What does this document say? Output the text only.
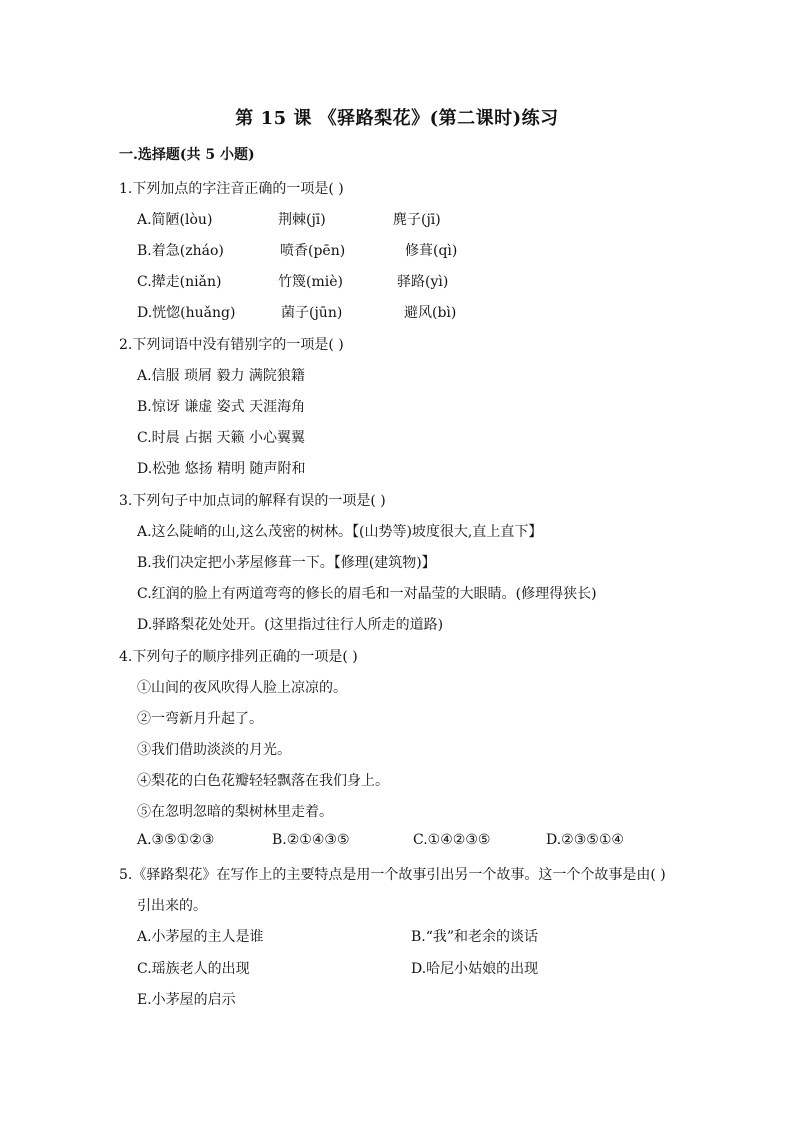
第 15 课 《驿路梨花》(第二课时)练习
一.选择题(共 5 小题)
1.下列加点的字注音正确的一项是( )
A.简陋(lòu)	荆棘(jī)	麂子(jī)
B.着急(zháo)	喷香(pēn)	修葺(qì)
C.撵走(niǎn)	竹篾(miè)	驿路(yì)
D.恍惚(huǎng)	菌子(jūn)	避风(bì)
2.下列词语中没有错别字的一项是( )
A.信服 琐屑 毅力 满院狼籍
B.惊讶 谦虚 姿式 天涯海角
C.时晨 占据 天籁 小心翼翼
D.松弛 悠扬 精明 随声附和
3.下列句子中加点词的解释有误的一项是( )
A.这么陡峭的山,这么茂密的树林。【(山势等)坡度很大,直上直下】
B.我们决定把小茅屋修葺一下。【修理(建筑物)】
C.红润的脸上有两道弯弯的修长的眉毛和一对晶莹的大眼睛。(修理得狭长)
D.驿路梨花处处开。(这里指过往行人所走的道路)
4.下列句子的顺序排列正确的一项是( )
①山间的夜风吹得人脸上凉凉的。
②一弯新月升起了。
③我们借助淡淡的月光。
④梨花的白色花瓣轻轻飘落在我们身上。
⑤在忽明忽暗的梨树林里走着。
A.③⑤①②③	B.②①④③⑤	C.①④②③⑤	D.②③⑤①④
5.《驿路梨花》在写作上的主要特点是用一个故事引出另一个故事。这一个个故事是由( )
引出来的。
A.小茅屋的主人是谁	B.“我”和老余的谈话
C.瑶族老人的出现	D.哈尼小姑娘的出现
E.小茅屋的启示
